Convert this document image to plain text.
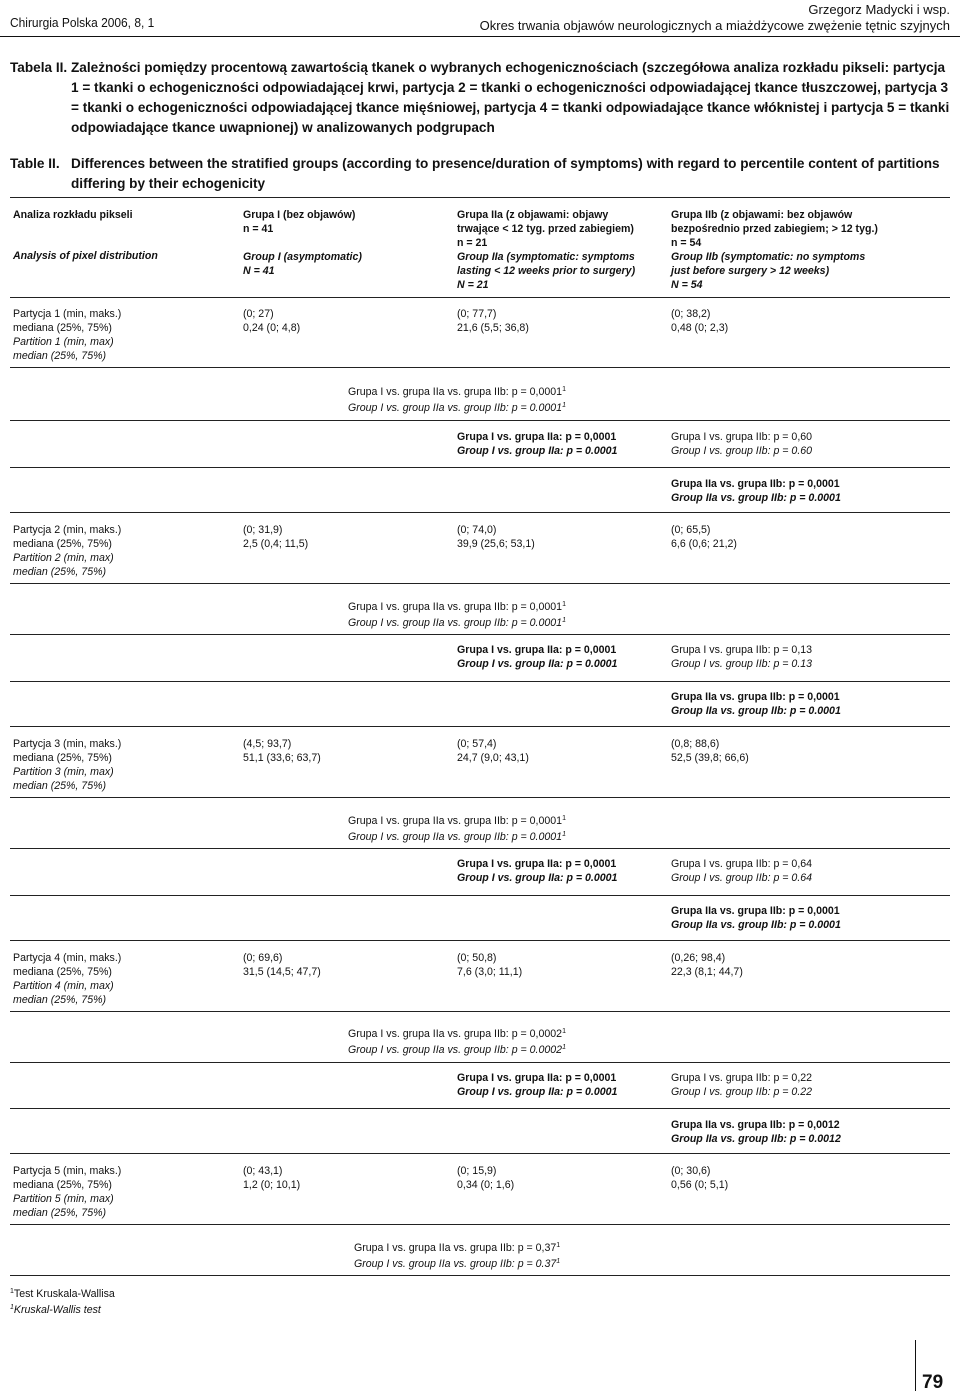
Chirurgia Polska 2006, 8, 1
Grzegorz Madycki i wsp.
Okres trwania objawów neurologicznych a miażdżycowe zwężenie tętnic szyjnych
Tabela II. Zależności pomiędzy procentową zawartością tkanek o wybranych echogenicznościach (szczegółowa analiza rozkładu pikseli: partycja 1 = tkanki o echogeniczności odpowiadającej krwi, partycja 2 = tkanki o echogeniczności odpowiadającej tkance tłuszczowej, partycja 3 = tkanki o echogeniczności odpowiadającej tkance mięśniowej, partycja 4 = tkanki odpowiadające tkance włóknistej i partycja 5 = tkanki odpowiadające tkance uwapnionej) w analizowanych podgrupach
Table II. Differences between the stratified groups (according to presence/duration of symptoms) with regard to percentile content of partitions differing by their echogenicity
Analiza rozkładu pikseli
Analysis of pixel distribution
Grupa I (bez objawów)
n = 41
Group I (asymptomatic)
N = 41
Grupa IIa (z objawami: objawy
trwające < 12 tyg. przed zabiegiem)
n = 21
Group IIa (symptomatic: symptoms
lasting < 12 weeks prior to surgery)
N = 21
Grupa IIb (z objawami: bez objawów
bezpośrednio przed zabiegiem; > 12 tyg.)
n = 54
Group IIb (symptomatic: no symptoms
just before surgery > 12 weeks)
N = 54
Partycja 1 (min, maks.)
mediana (25%, 75%)
Partition 1 (min, max)
median (25%, 75%)
(0; 27)
0,24 (0; 4,8)
(0; 77,7)
21,6 (5,5; 36,8)
(0; 38,2)
0,48 (0; 2,3)
Grupa I vs. grupa IIa vs. grupa IIb: $p = 0,0001^1$
Group I vs. group IIa vs. group IIb: $p = 0.0001^1$
Grupa I vs. grupa IIa: p = 0,0001
Group I vs. group IIa: p = 0.0001
Grupa I vs. grupa IIb: p = 0,60
Group I vs. group IIb: p = 0.60
Grupa IIa vs. grupa IIb: p = 0,0001
Group IIa vs. group IIb: p = 0.0001
Partycja 2 (min, maks.)
mediana (25%, 75%)
Partition 2 (min, max)
median (25%, 75%)
(0; 31,9)
2,5 (0,4; 11,5)
(0; 74,0)
39,9 (25,6; 53,1)
(0; 65,5)
6,6 (0,6; 21,2)
Grupa I vs. grupa IIa vs. grupa IIb: $p = 0,0001^1$
Group I vs. group IIa vs. group IIb: $p = 0.0001^1$
Grupa I vs. grupa IIa: p = 0,0001
Group I vs. group IIa: p = 0.0001
Grupa I vs. grupa IIb: p = 0,13
Group I vs. group IIb: p = 0.13
Grupa IIa vs. grupa IIb: p = 0,0001
Group IIa vs. group IIb: p = 0.0001
Partycja 3 (min, maks.)
mediana (25%, 75%)
Partition 3 (min, max)
median (25%, 75%)
(4,5; 93,7)
51,1 (33,6; 63,7)
(0; 57,4)
24,7 (9,0; 43,1)
(0,8; 88,6)
52,5 (39,8; 66,6)
Grupa I vs. grupa IIa vs. grupa IIb: $p = 0,0001^1$
Group I vs. group IIa vs. group IIb: $p = 0.0001^1$
Grupa I vs. grupa IIa: p = 0,0001
Group I vs. group IIa: p = 0.0001
Grupa I vs. grupa IIb: p = 0,64
Group I vs. group IIb: p = 0.64
Grupa IIa vs. grupa IIb: p = 0,0001
Group IIa vs. group IIb: p = 0.0001
Partycja 4 (min, maks.)
mediana (25%, 75%)
Partition 4 (min, max)
median (25%, 75%)
(0; 69,6)
31,5 (14,5; 47,7)
(0; 50,8)
7,6 (3,0; 11,1)
(0,26; 98,4)
22,3 (8,1; 44,7)
Grupa I vs. grupa IIa vs. grupa IIb: $p = 0,0002^1$
Group I vs. group IIa vs. group IIb: $p = 0.0002^1$
Grupa I vs. grupa IIa: p = 0,0001
Group I vs. group IIa: p = 0.0001
Grupa I vs. grupa IIb: p = 0,22
Group I vs. group IIb: p = 0.22
Grupa IIa vs. grupa IIb: p = 0,0012
Group IIa vs. group IIb: p = 0.0012
Partycja 5 (min, maks.)
mediana (25%, 75%)
Partition 5 (min, max)
median (25%, 75%)
(0; 43,1)
1,2 (0; 10,1)
(0; 15,9)
0,34 (0; 1,6)
(0; 30,6)
0,56 (0; 5,1)
Grupa I vs. grupa IIa vs. grupa IIb: $p = 0,37^1$
Group I vs. group IIa vs. group IIb: $p = 0.37^1$
$^1$Test Kruskala-Wallisa
$^1$Kruskal-Wallis test
79
